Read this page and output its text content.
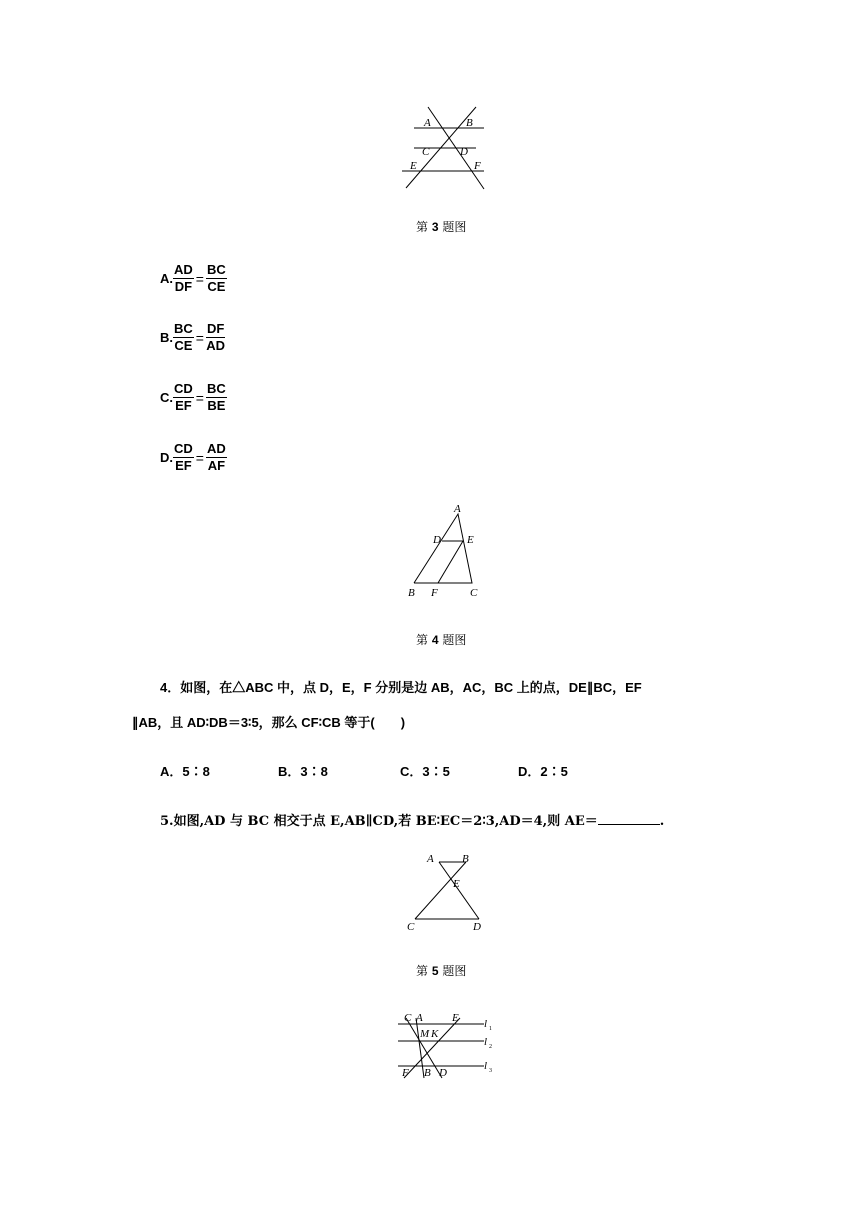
A	B
C	D
E	F
第 3 题图
A. $\frac{AD}{DF} = \frac{BC}{CE}$
B. $\frac{BC}{CE} = \frac{DF}{AD}$
C. $\frac{CD}{EF} = \frac{BC}{BE}$
D. $\frac{CD}{EF} = \frac{AD}{AF}$
A
D E
B F	C
第 4 题图
4．如图，在△ABC 中，点 D，E，F 分别是边 AB，AC，BC 上的点，DE∥BC，EF
∥AB，且 AD∶DB＝3∶5，那么 CF∶CB 等于(　　)
A．5∶8	B．3∶8	C．3∶5	D．2∶5
5.如图,AD 与 BC 相交于点 E,AB∥CD,若 BE∶EC＝2∶3,AD＝4,则 AE＝	.
A	B
E
C	D
第 5 题图
C A	E
M K
F B D
l 1
l 2
l 3
